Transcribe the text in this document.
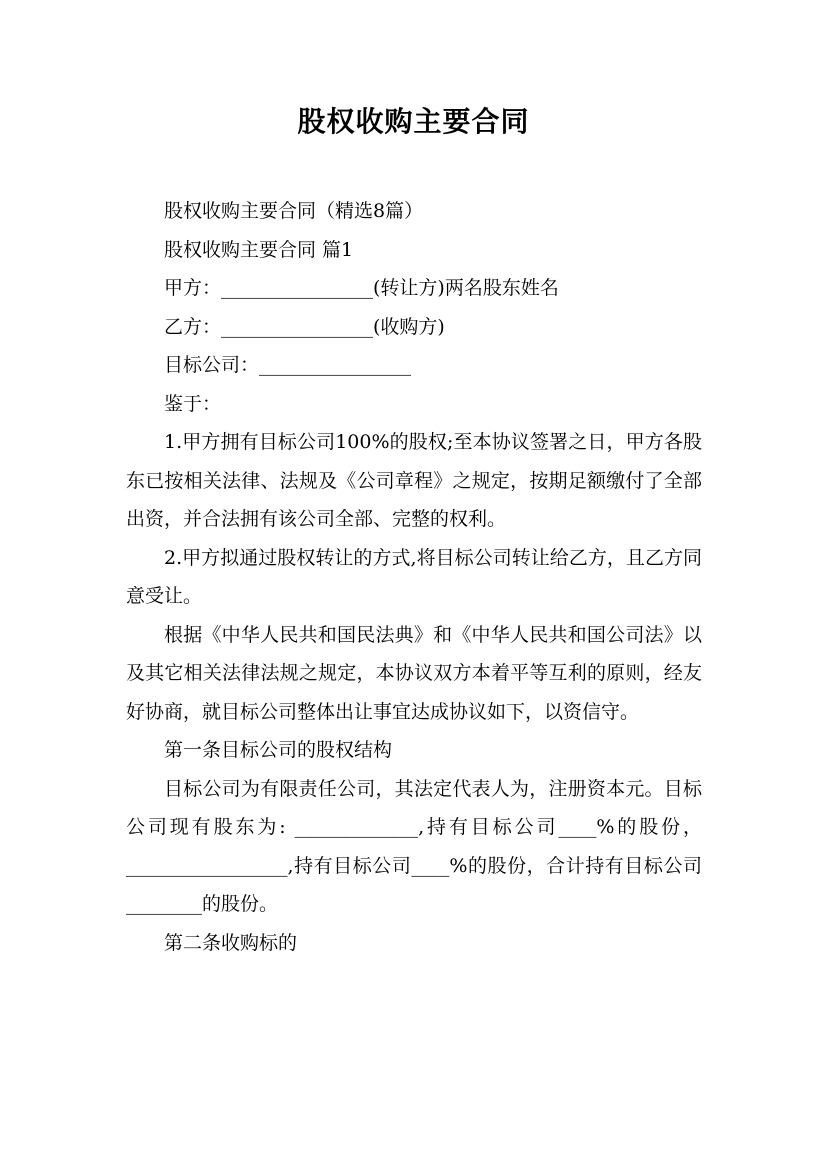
股权收购主要合同

股权收购主要合同（精选8篇）

股权收购主要合同 篇1

甲方：________________(转让方)两名股东姓名

乙方：________________(收购方)

目标公司：________________

鉴于：

1.甲方拥有目标公司100%的股权;至本协议签署之日，甲方各股东已按相关法律、法规及《公司章程》之规定，按期足额缴付了全部出资，并合法拥有该公司全部、完整的权利。

2.甲方拟通过股权转让的方式,将目标公司转让给乙方，且乙方同意受让。

根据《中华人民共和国民法典》和《中华人民共和国公司法》以及其它相关法律法规之规定，本协议双方本着平等互利的原则，经友好协商，就目标公司整体出让事宜达成协议如下，以资信守。

第一条目标公司的股权结构

目标公司为有限责任公司，其法定代表人为，注册资本元。目标公司现有股东为: _____________,持有目标公司____%的股份，_________________,持有目标公司____%的股份，合计持有目标公司________的股份。

第二条收购标的
